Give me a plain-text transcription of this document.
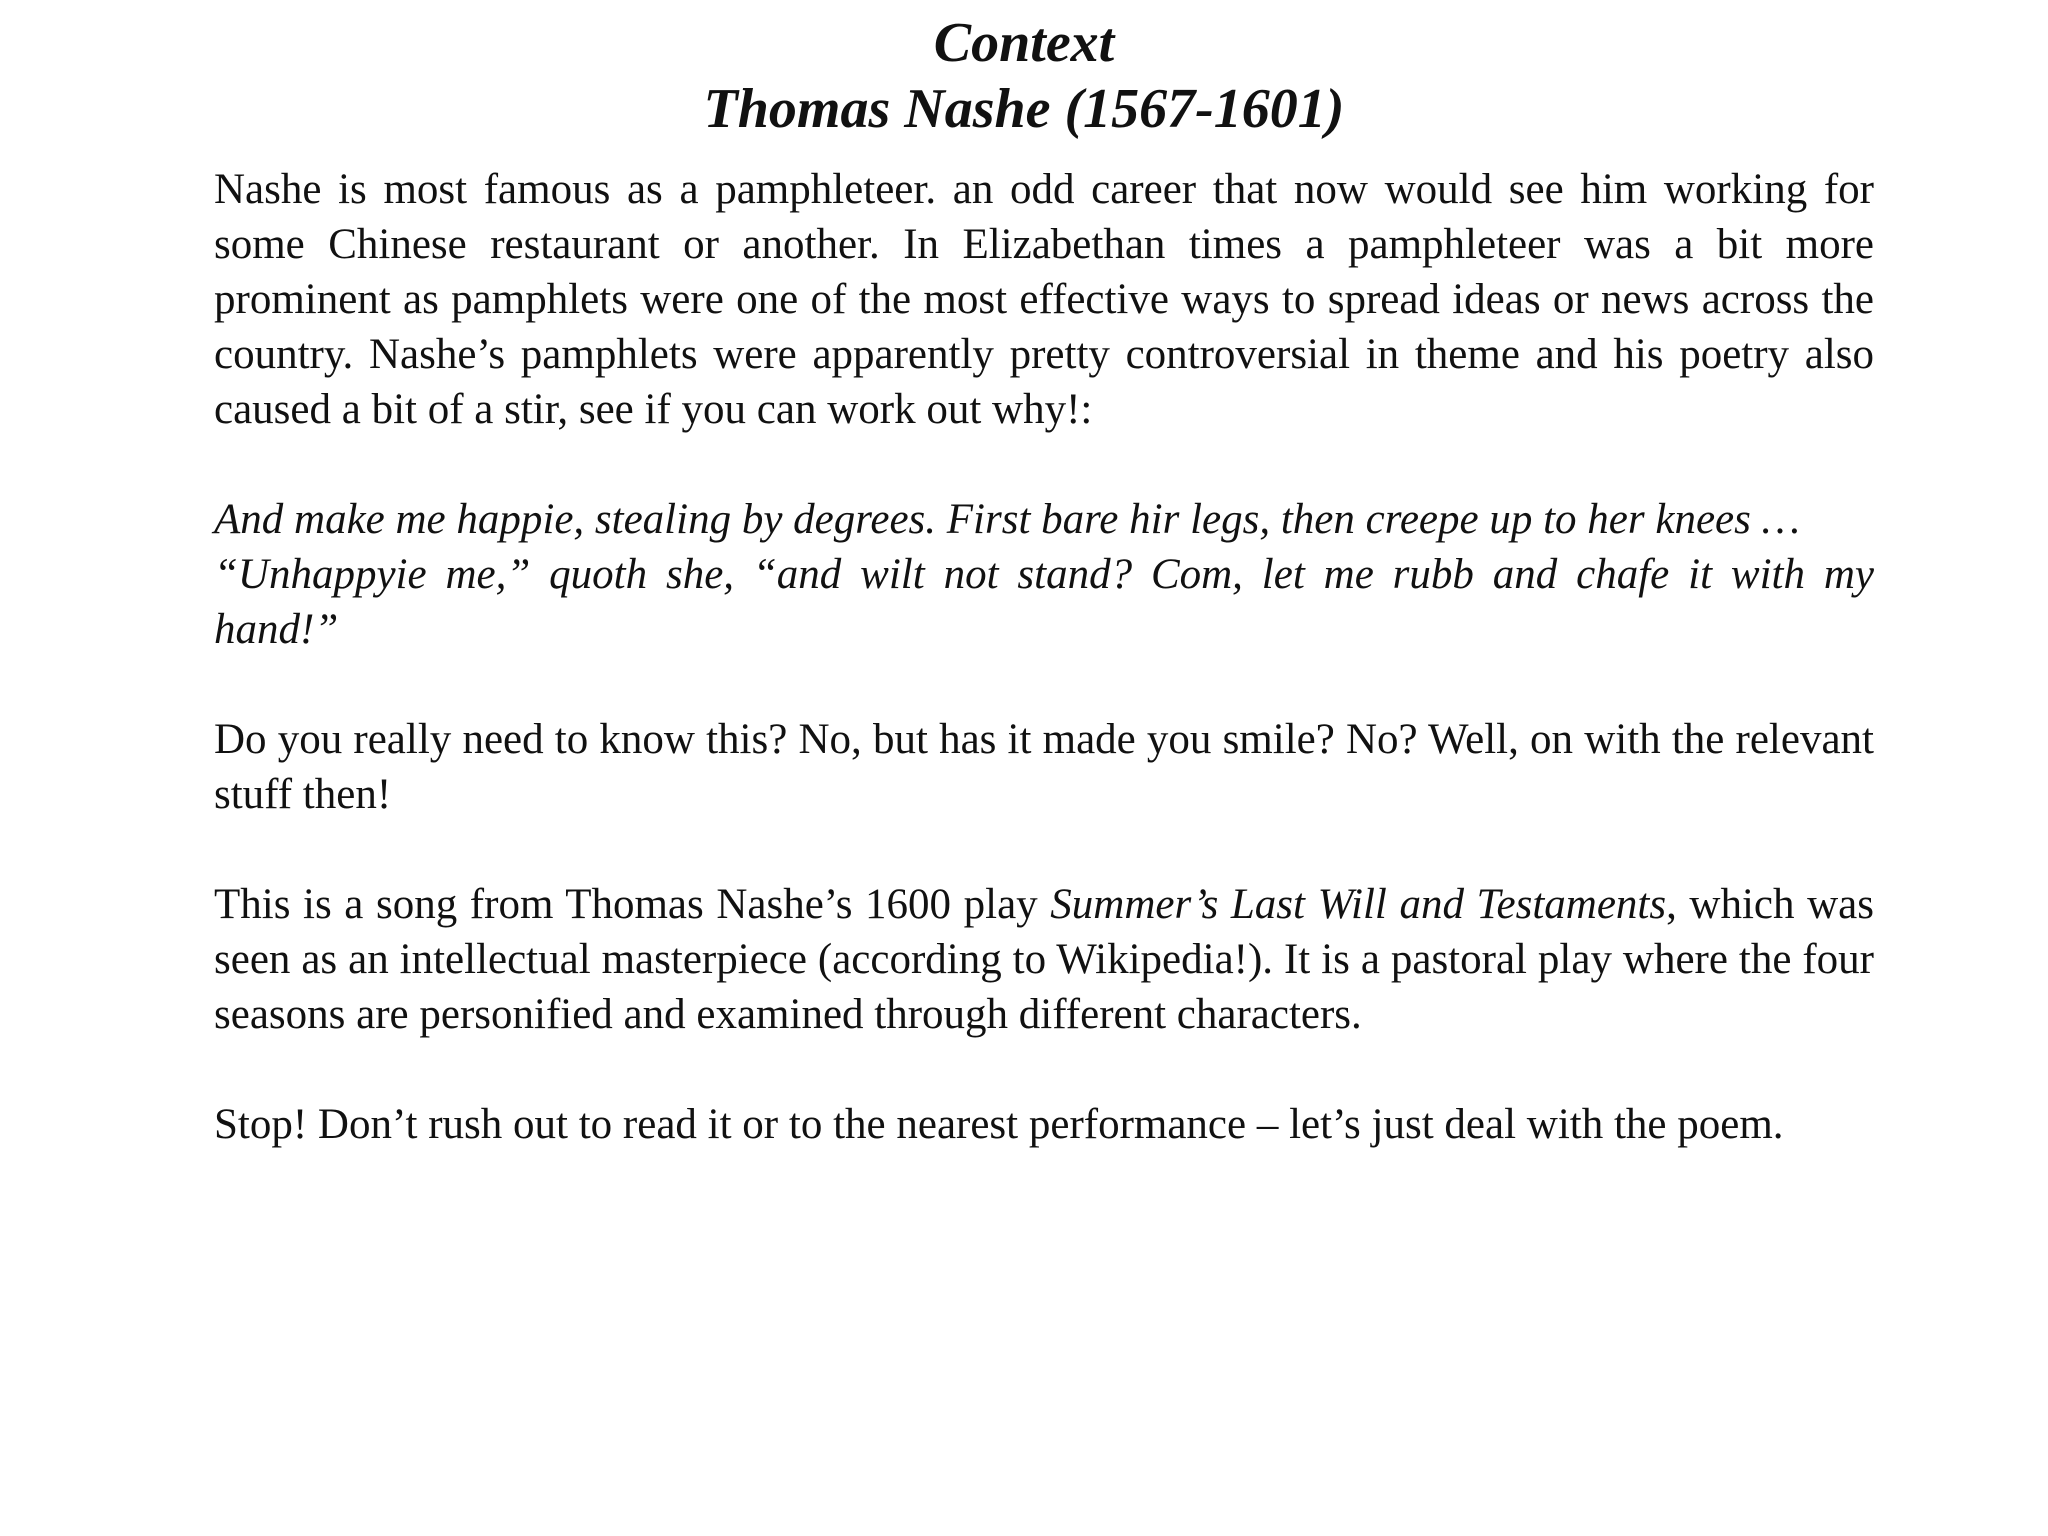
Context
Thomas Nashe (1567-1601)

Nashe is most famous as a pamphleteer. an odd career that now would see him working for some Chinese restaurant or another. In Elizabethan times a pamphleteer was a bit more prominent as pamphlets were one of the most effective ways to spread ideas or news across the country. Nashe’s pamphlets were apparently pretty controversial in theme and his poetry also caused a bit of a stir, see if you can work out why!:

And make me happie, stealing by degrees. First bare hir legs, then creepe up to her knees …

“Unhappyie me,” quoth she, “and wilt not stand? Com, let me rubb and chafe it with my hand!”

Do you really need to know this? No, but has it made you smile? No? Well, on with the relevant stuff then!

This is a song from Thomas Nashe’s 1600 play Summer’s Last Will and Testaments, which was seen as an intellectual masterpiece (according to Wikipedia!). It is a pastoral play where the four seasons are personified and examined through different characters.

Stop! Don’t rush out to read it or to the nearest performance – let’s just deal with the poem.
